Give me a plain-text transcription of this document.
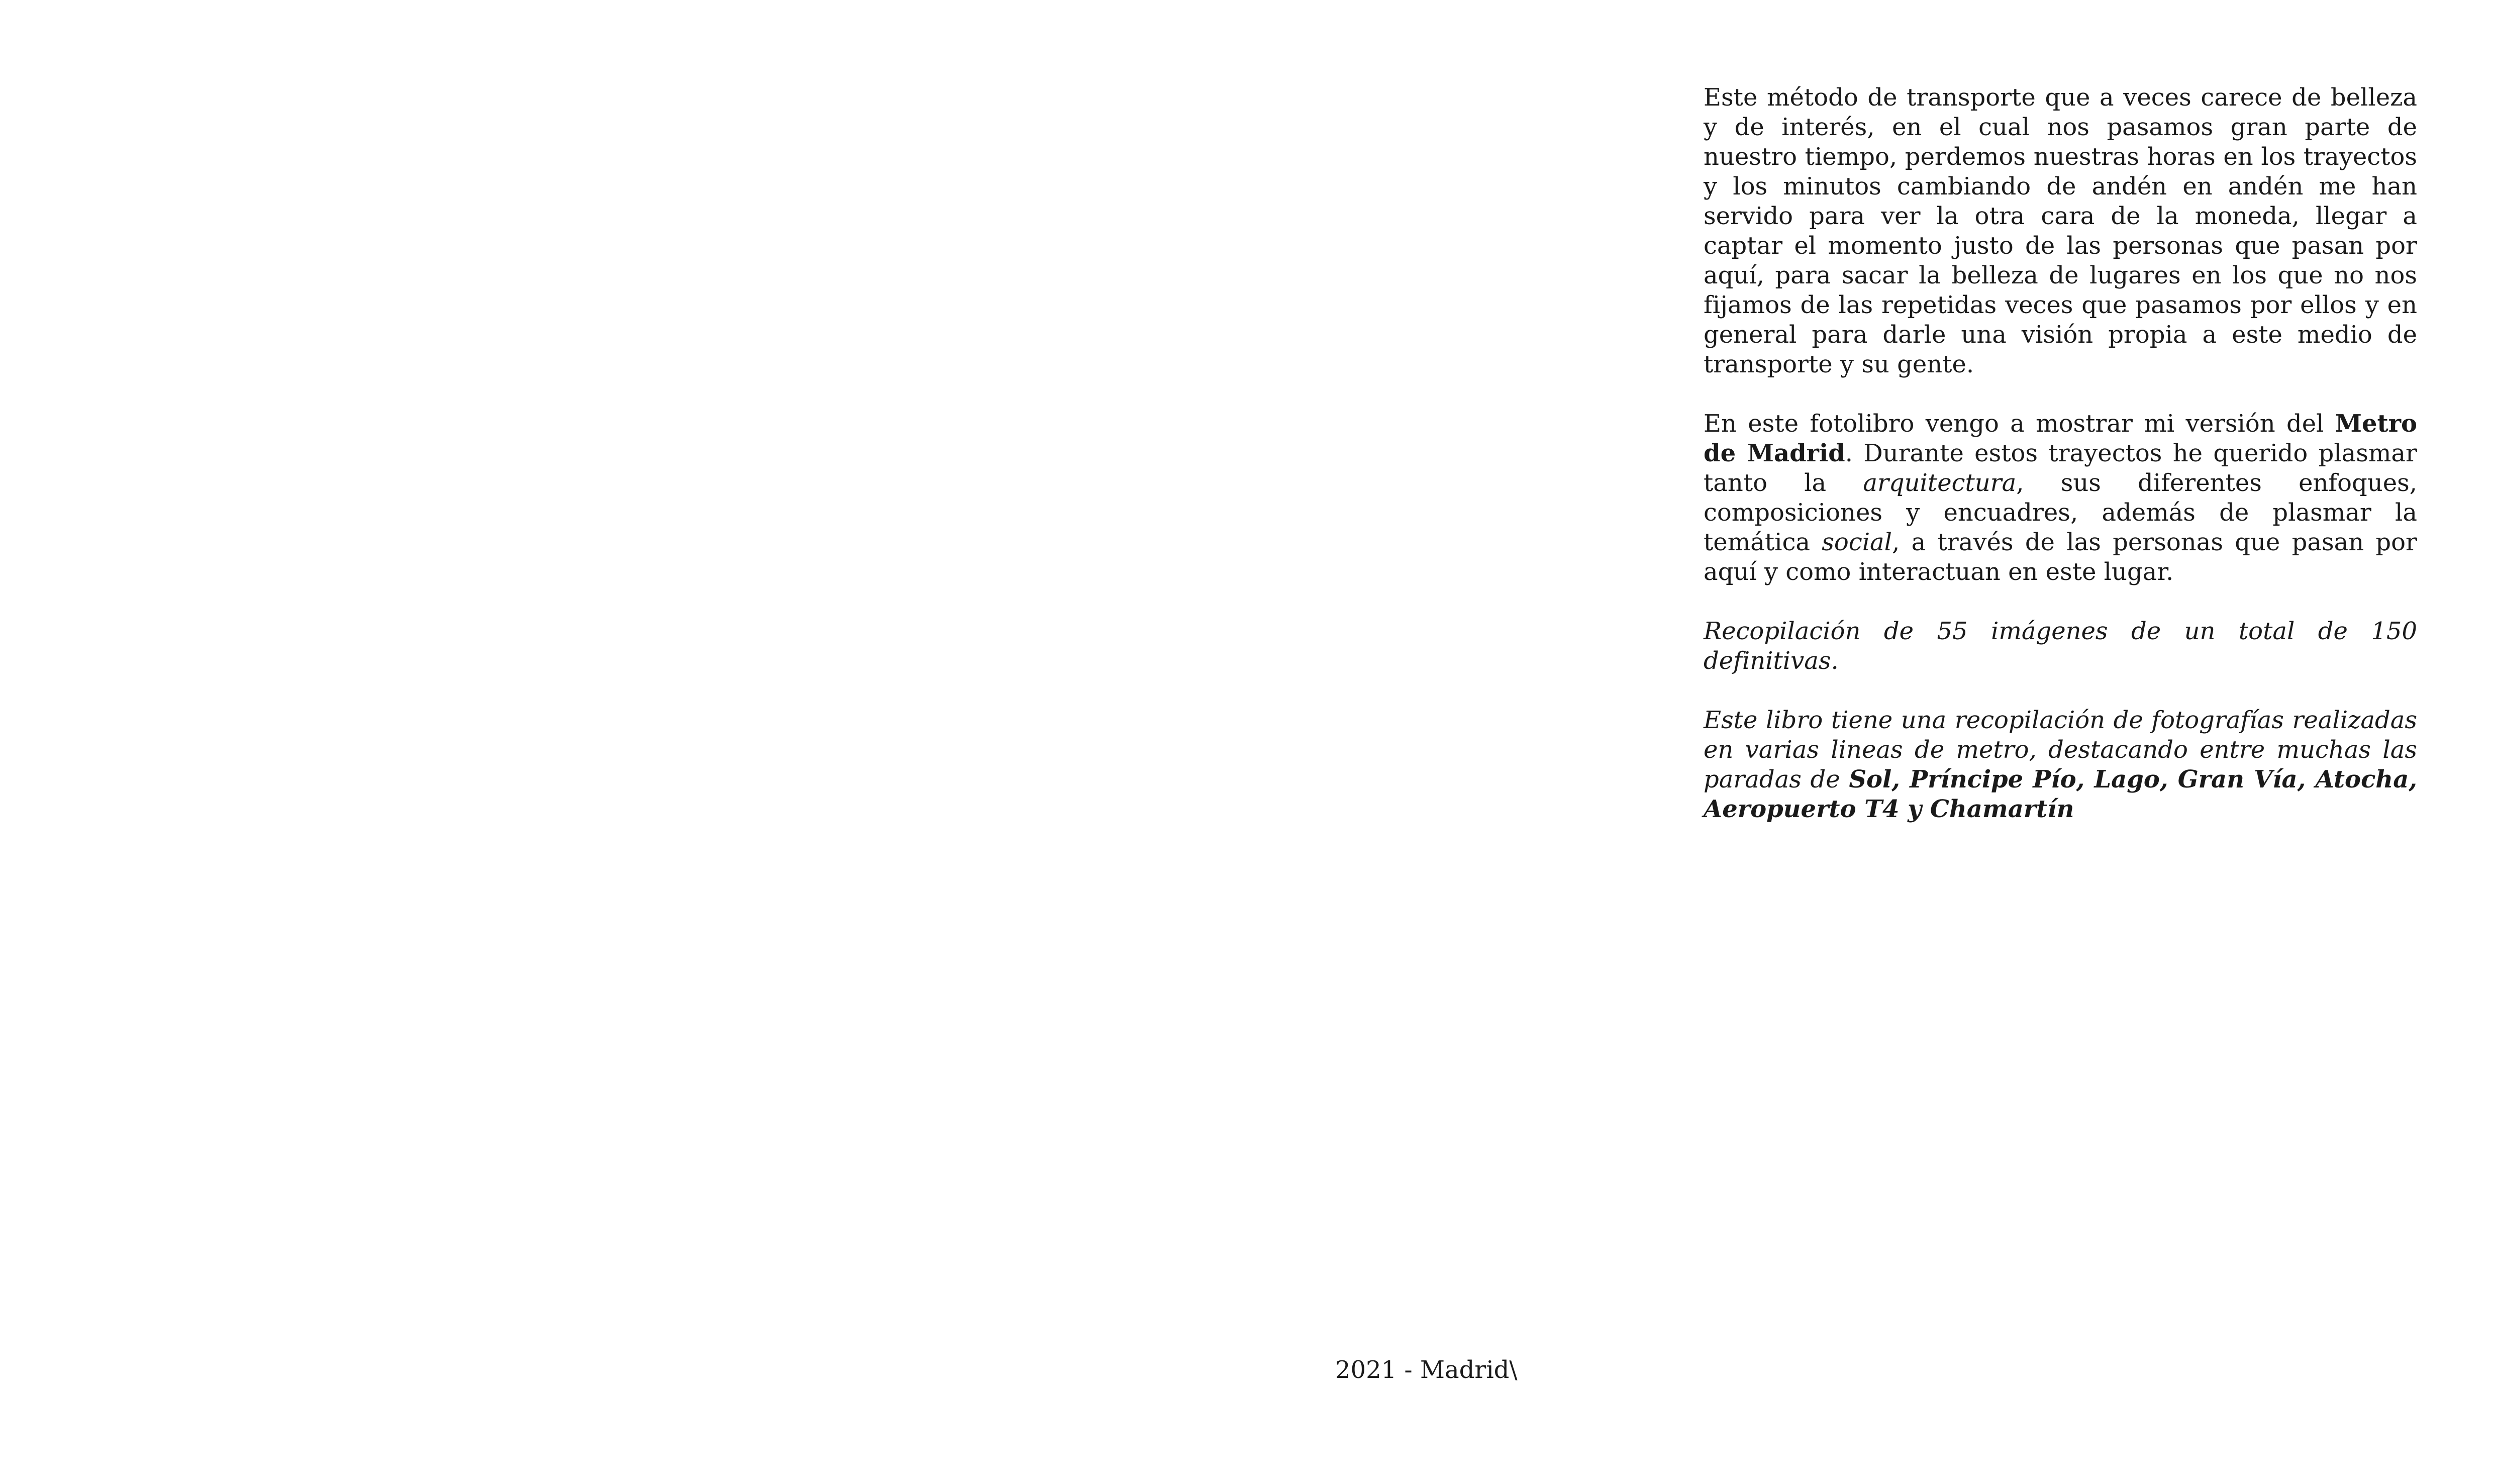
Este método de transporte que a veces carece de belleza y de interés, en el cual nos pasamos gran parte de nuestro tiempo, perdemos nuestras horas en los trayectos y los minutos cambiando de andén en andén me han servido para ver la otra cara de la moneda, llegar a captar el momento justo de las personas que pasan por aquí, para sacar la belleza de lugares en los que no nos fijamos de las repetidas veces que pasamos por ellos y en general para darle una visión propia a este medio de transporte y su gente.

En este fotolibro vengo a mostrar mi versión del Metro de Madrid. Durante estos trayectos he querido plasmar tanto la arquitectura, sus diferentes enfoques, composiciones y encuadres, además de plasmar la temática social, a través de las personas que pasan por aquí y como interactuan en este lugar.

Recopilación de 55 imágenes de un total de 150 definitivas.

Este libro tiene una recopilación de fotografías realizadas en varias lineas de metro, destacando entre muchas las paradas de Sol, Príncipe Pío, Lago, Gran Vía, Atocha, Aeropuerto T4 y Chamartín

2021 - Madrid\
